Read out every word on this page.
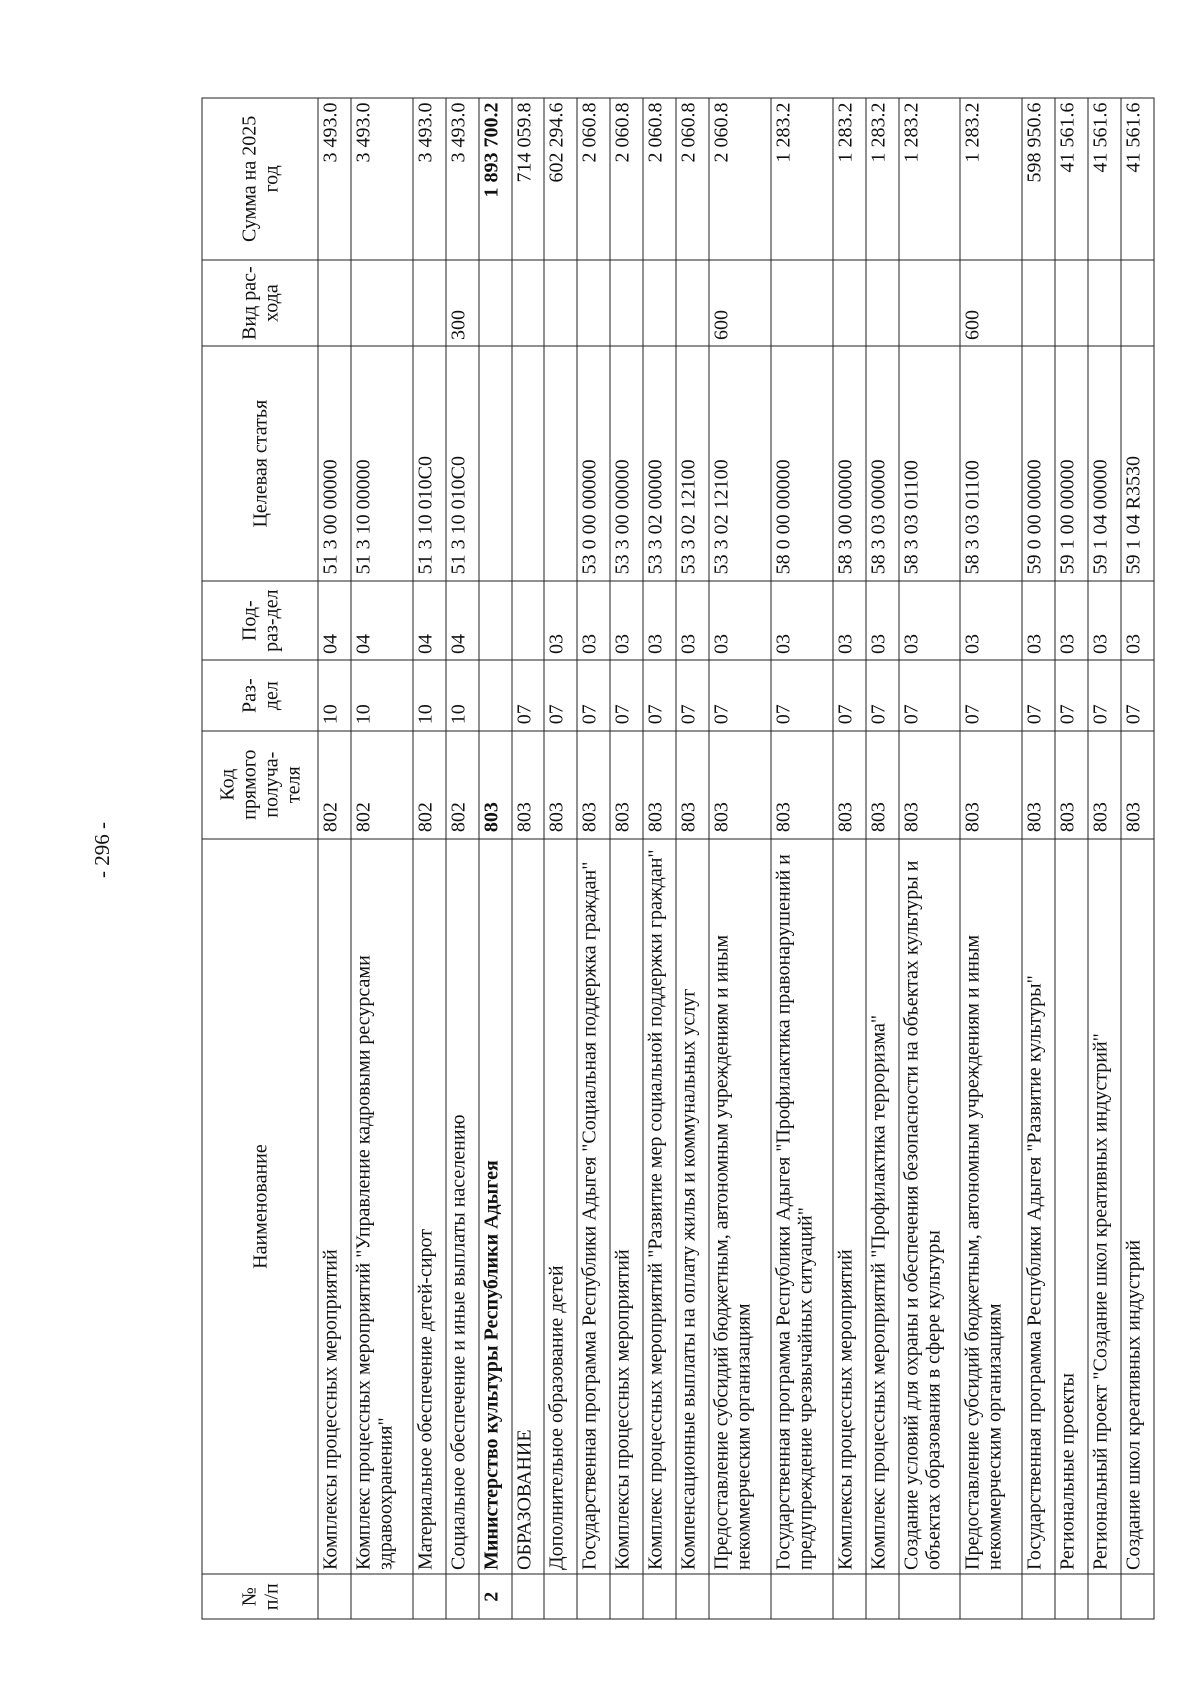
- 296 -
№ п/п	Наименование	Код прямого получа-теля	Раз-дел	Под-раз-дел	Целевая статья	Вид рас-хода	Сумма на 2025 год
	Комплексы процессных мероприятий	802	10	04	51 3 00 00000		3 493.0
	Комплекс процессных мероприятий "Управление кадровыми ресурсами здравоохранения"	802	10	04	51 3 10 00000		3 493.0
	Материальное обеспечение детей-сирот	802	10	04	51 3 10 010С0		3 493.0
	Социальное обеспечение и иные выплаты населению	802	10	04	51 3 10 010С0	300	3 493.0
2	Министерство культуры Республики Адыгея	803					1 893 700.2
	ОБРАЗОВАНИЕ	803	07				714 059.8
	Дополнительное образование детей	803	07	03			602 294.6
	Государственная программа Республики Адыгея "Социальная поддержка граждан"	803	07	03	53 0 00 00000		2 060.8
	Комплексы процессных мероприятий	803	07	03	53 3 00 00000		2 060.8
	Комплекс процессных мероприятий "Развитие мер социальной поддержки граждан"	803	07	03	53 3 02 00000		2 060.8
	Компенсационные выплаты на оплату жилья и коммунальных услуг	803	07	03	53 3 02 12100		2 060.8
	Предоставление субсидий бюджетным, автономным учреждениям и иным некоммерческим организациям	803	07	03	53 3 02 12100	600	2 060.8
	Государственная программа Республики Адыгея "Профилактика правонарушений и предупреждение чрезвычайных ситуаций"	803	07	03	58 0 00 00000		1 283.2
	Комплексы процессных мероприятий	803	07	03	58 3 00 00000		1 283.2
	Комплекс процессных мероприятий "Профилактика терроризма"	803	07	03	58 3 03 00000		1 283.2
	Создание условий для охраны и обеспечения безопасности на объектах культуры и объектах образования в сфере культуры	803	07	03	58 3 03 01100		1 283.2
	Предоставление субсидий бюджетным, автономным учреждениям и иным некоммерческим организациям	803	07	03	58 3 03 01100	600	1 283.2
	Государственная программа Республики Адыгея "Развитие культуры"	803	07	03	59 0 00 00000		598 950.6
	Региональные проекты	803	07	03	59 1 00 00000		41 561.6
	Региональный проект "Создание школ креативных индустрий"	803	07	03	59 1 04 00000		41 561.6
	Создание школ креативных индустрий	803	07	03	59 1 04 R3530		41 561.6
